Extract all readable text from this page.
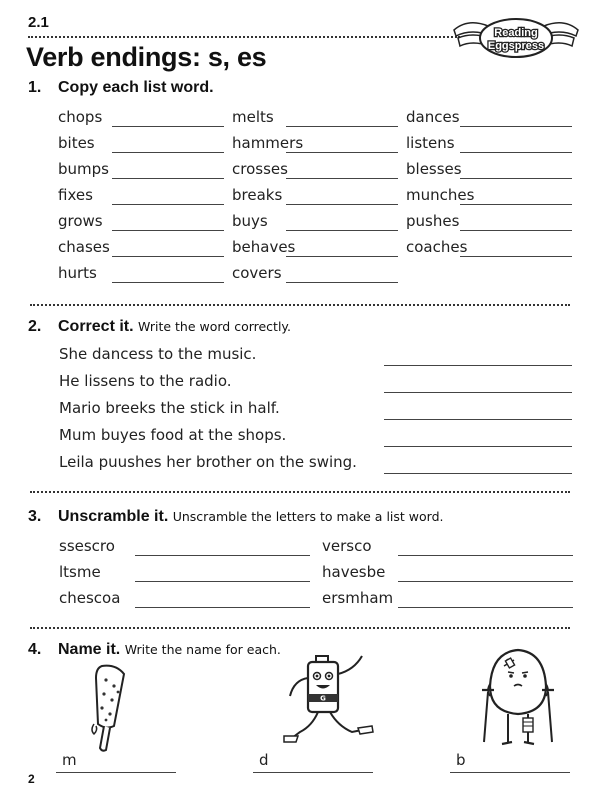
2.1
Reading
Eggspress
Verb endings: s, es
1. Copy each list word.
chops
bites
bumps
fixes
grows
chases
hurts
melts
hammers
crosses
breaks
buys
behaves
covers
dances
listens
blesses
munches
pushes
coaches
2. Correct it. Write the word correctly.
She dancess to the music.
He lissens to the radio.
Mario breeks the stick in half.
Mum buyes food at the shops.
Leila puushes her brother on the swing.
3. Unscramble it. Unscramble the letters to make a list word.
ssescro
ltsme
chescoa
versco
havesbe
ersmham
4. Name it. Write the name for each.
G
m	d	b
2
